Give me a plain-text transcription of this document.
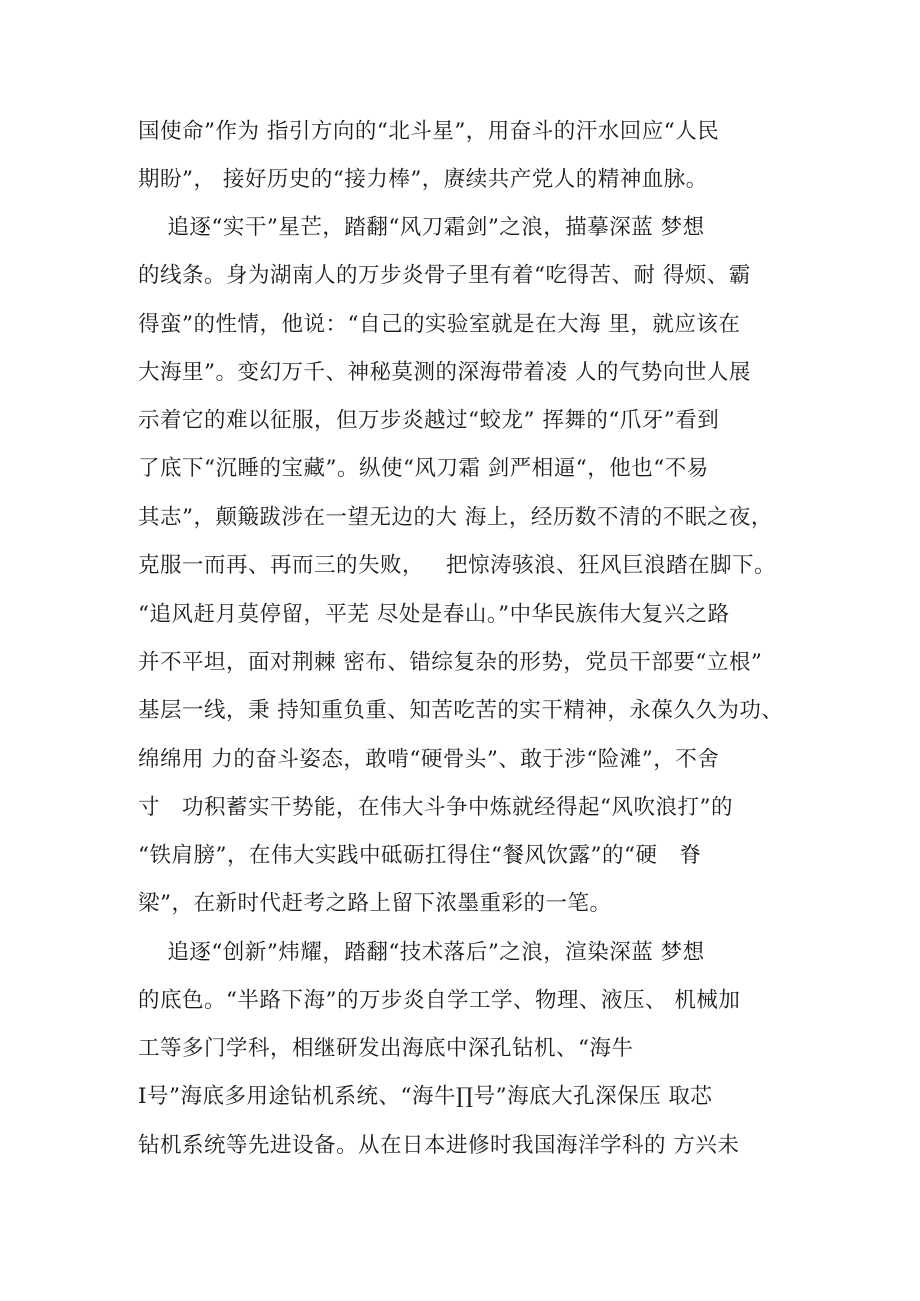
国使命”作为 指引方向的“北斗星”，用奋斗的汗水回应“人民
期盼”， 接好历史的“接力棒”，赓续共产党人的精神血脉。
追逐“实干”星芒，踏翻“风刀霜剑”之浪，描摹深蓝 梦想
的线条。身为湖南人的万步炎骨子里有着“吃得苦、耐 得烦、霸
得蛮”的性情，他说：“自己的实验室就是在大海 里，就应该在
大海里”。变幻万千、神秘莫测的深海带着凌 人的气势向世人展
示着它的难以征服，但万步炎越过“蛟龙” 挥舞的“爪牙”看到
了底下“沉睡的宝藏”。纵使“风刀霜 剑严相逼“，他也“不易
其志”，颠簸跋涉在一望无边的大 海上，经历数不清的不眠之夜，
克服一而再、再而三的失败，   把惊涛骇浪、狂风巨浪踏在脚下。
“追风赶月莫停留，平芜 尽处是春山。”中华民族伟大复兴之路
并不平坦，面对荆棘 密布、错综复杂的形势，党员干部要“立根”
基层一线，秉 持知重负重、知苦吃苦的实干精神，永葆久久为功、
绵绵用 力的奋斗姿态，敢啃“硬骨头”、敢于涉“险滩”，不舍
寸   功积蓄实干势能，在伟大斗争中炼就经得起“风吹浪打”的
“铁肩膀”，在伟大实践中砥砺扛得住“餐风饮露”的“硬   脊
梁”，在新时代赶考之路上留下浓墨重彩的一笔。
追逐“创新”炜耀，踏翻“技术落后”之浪，渲染深蓝 梦想
的底色。“半路下海”的万步炎自学工学、物理、液压、 机械加
工等多门学科，相继研发出海底中深孔钻机、“海牛
I号”海底多用途钻机系统、“海牛∏号”海底大孔深保压 取芯
钻机系统等先进设备。从在日本进修时我国海洋学科的 方兴未
